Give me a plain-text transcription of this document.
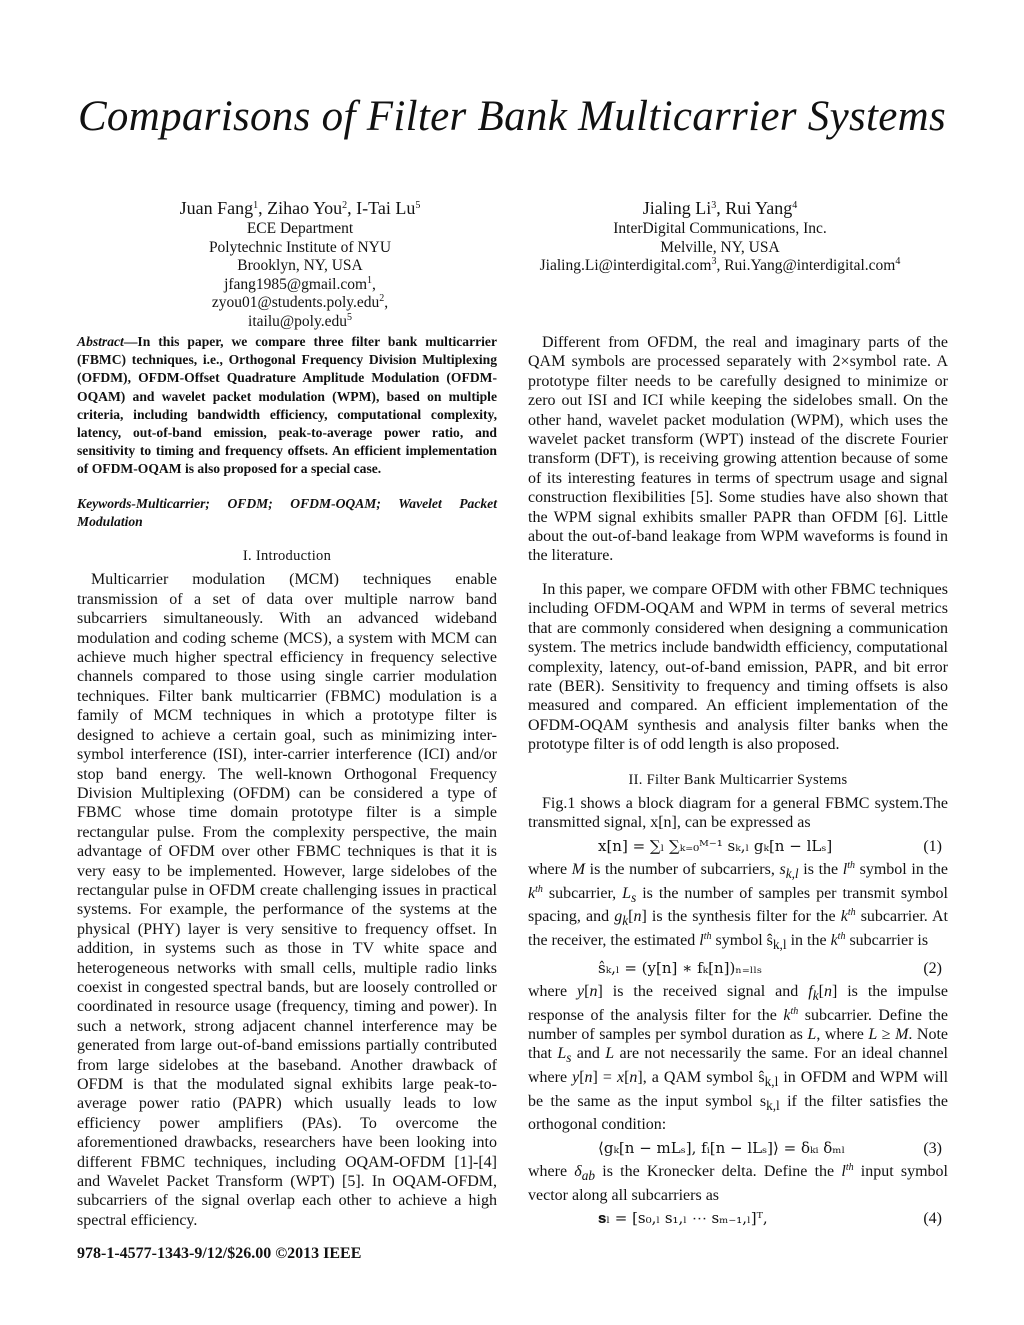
Comparisons of Filter Bank Multicarrier Systems
Juan Fang$^1$, Zihao You$^2$, I-Tai Lu$^5$
ECE Department
Polytechnic Institute of NYU
Brooklyn, NY, USA
jfang1985@gmail.com$^1$, zyou01@students.poly.edu$^2$,
itailu@poly.edu$^5$
Jialing Li$^3$, Rui Yang$^4$
InterDigital Communications, Inc.
Melville, NY, USA
Jialing.Li@interdigital.com$^3$, Rui.Yang@interdigital.com$^4$

Abstract—In this paper, we compare three filter bank multicarrier (FBMC) techniques, i.e., Orthogonal Frequency Division Multiplexing (OFDM), OFDM-Offset Quadrature Amplitude Modulation (OFDM-OQAM) and wavelet packet modulation (WPM), based on multiple criteria, including bandwidth efficiency, computational complexity, latency, out-of-band emission, peak-to-average power ratio, and sensitivity to timing and frequency offsets. An efficient implementation of OFDM-OQAM is also proposed for a special case.

Keywords-Multicarrier; OFDM; OFDM-OQAM; Wavelet Packet Modulation

I. Introduction

Multicarrier modulation (MCM) techniques enable transmission of a set of data over multiple narrow band subcarriers simultaneously. With an advanced wideband modulation and coding scheme (MCS), a system with MCM can achieve much higher spectral efficiency in frequency selective channels compared to those using single carrier modulation techniques. Filter bank multicarrier (FBMC) modulation is a family of MCM techniques in which a prototype filter is designed to achieve a certain goal, such as minimizing inter-symbol interference (ISI), inter-carrier interference (ICI) and/or stop band energy. The well-known Orthogonal Frequency Division Multiplexing (OFDM) can be considered a type of FBMC whose time domain prototype filter is a simple rectangular pulse. From the complexity perspective, the main advantage of OFDM over other FBMC techniques is that it is very easy to be implemented. However, large sidelobes of the rectangular pulse in OFDM create challenging issues in practical systems. For example, the performance of the systems at the physical (PHY) layer is very sensitive to frequency offset. In addition, in systems such as those in TV white space and heterogeneous networks with small cells, multiple radio links coexist in congested spectral bands, but are loosely controlled or coordinated in resource usage (frequency, timing and power). In such a network, strong adjacent channel interference may be generated from large out-of-band emissions partially contributed from large sidelobes at the baseband. Another drawback of OFDM is that the modulated signal exhibits large peak-to-average power ratio (PAPR) which usually leads to low efficiency power amplifiers (PAs). To overcome the aforementioned drawbacks, researchers have been looking into different FBMC techniques, including OQAM-OFDM [1]-[4] and Wavelet Packet Transform (WPT) [5]. In OQAM-OFDM, subcarriers of the signal overlap each other to achieve a high spectral efficiency.

Different from OFDM, the real and imaginary parts of the QAM symbols are processed separately with 2×symbol rate. A prototype filter needs to be carefully designed to minimize or zero out ISI and ICI while keeping the sidelobes small. On the other hand, wavelet packet modulation (WPM), which uses the wavelet packet transform (WPT) instead of the discrete Fourier transform (DFT), is receiving growing attention because of some of its interesting features in terms of spectrum usage and signal construction flexibilities [5]. Some studies have also shown that the WPM signal exhibits smaller PAPR than OFDM [6]. Little about the out-of-band leakage from WPM waveforms is found in the literature.

In this paper, we compare OFDM with other FBMC techniques including OFDM-OQAM and WPM in terms of several metrics that are commonly considered when designing a communication system. The metrics include bandwidth efficiency, computational complexity, latency, out-of-band emission, PAPR, and bit error rate (BER). Sensitivity to frequency and timing offsets is also measured and compared. An efficient implementation of the OFDM-OQAM synthesis and analysis filter banks when the prototype filter is of odd length is also proposed.

II. Filter Bank Multicarrier Systems

Fig.1 shows a block diagram for a general FBMC system.The transmitted signal, x[n], can be expressed as

x[n] = ∑ₗ ∑ₖ₌₀ᴹ⁻¹ sₖ,ₗ gₖ[n − lLₛ]	(1)

where M is the number of subcarriers, $s_{k,l}$ is the $l^{th}$ symbol in the $k^{th}$ subcarrier, $L_s$ is the number of samples per transmit symbol spacing, and $g_k[n]$ is the synthesis filter for the $k^{th}$ subcarrier. At the receiver, the estimated $l^{th}$ symbol $ŝ_{k,l}$ in the $k^{th}$ subcarrier is

ŝₖ,ₗ = (y[n] ∗ fₖ[n])ₙ₌ₗₗₛ	(2)

where y[n] is the received signal and $f_k[n]$ is the impulse response of the analysis filter for the $k^{th}$ subcarrier. Define the number of samples per symbol duration as L, where L ≥ M. Note that $L_s$ and L are not necessarily the same. For an ideal channel where y[n] = x[n], a QAM symbol $ŝ_{k,l}$ in OFDM and WPM will be the same as the input symbol $s_{k,l}$ if the filter satisfies the orthogonal condition:

⟨gₖ[n − mLₛ], fᵢ[n − lLₛ]⟩ = δₖᵢ δₘₗ	(3)

where $\delta_{ab}$ is the Kronecker delta. Define the $l^{th}$ input symbol vector along all subcarriers as

𝐬ₗ = [s₀,ₗ s₁,ₗ ⋯ sₘ₋₁,ₗ]ᵀ,	(4)
978-1-4577-1343-9/12/$26.00 ©2013 IEEE
